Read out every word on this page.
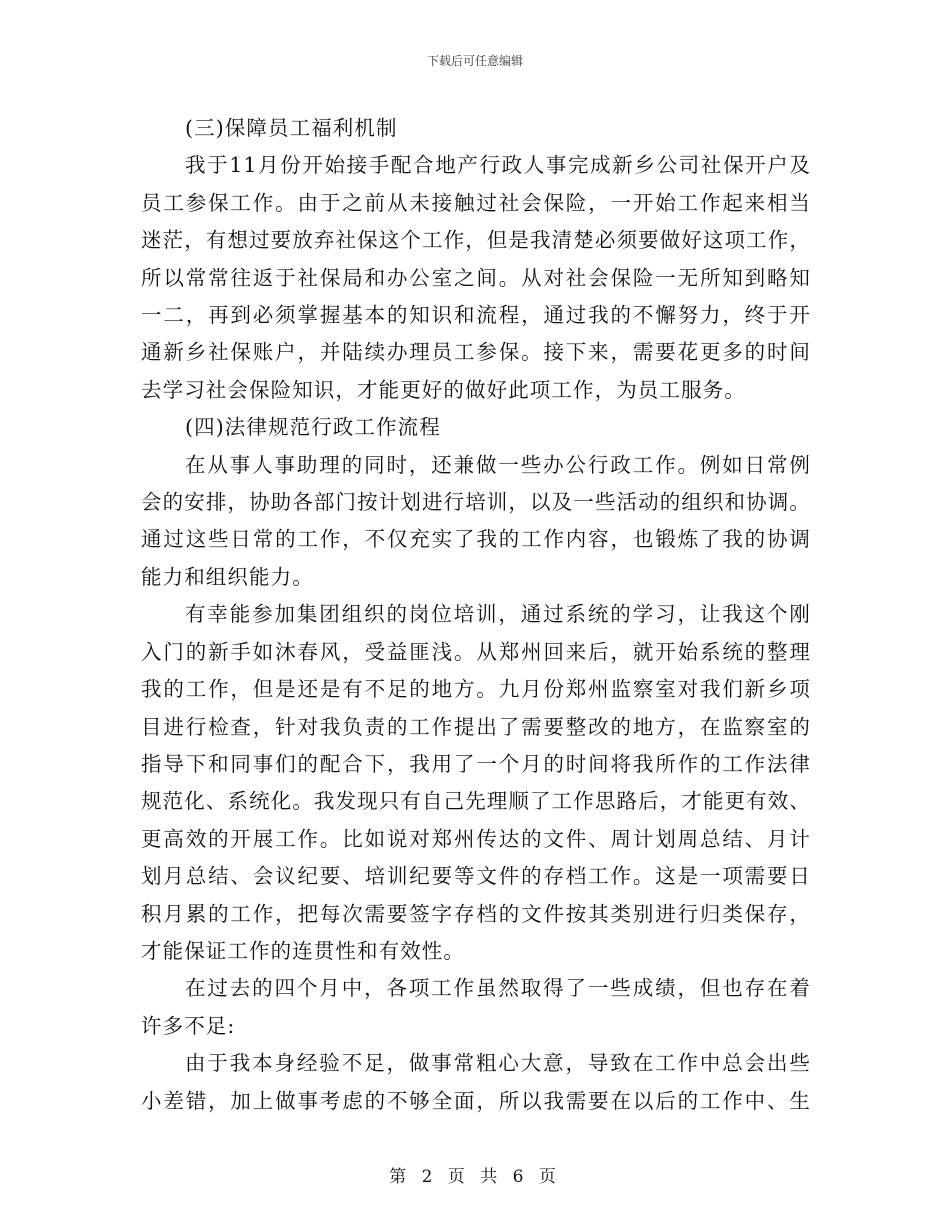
下载后可任意编辑

(三)保障员工福利机制

我于11月份开始接手配合地产行政人事完成新乡公司社保开户及

员工参保工作。由于之前从未接触过社会保险，一开始工作起来相当

迷茫，有想过要放弃社保这个工作，但是我清楚必须要做好这项工作，

所以常常往返于社保局和办公室之间。从对社会保险一无所知到略知

一二，再到必须掌握基本的知识和流程，通过我的不懈努力，终于开

通新乡社保账户，并陆续办理员工参保。接下来，需要花更多的时间

去学习社会保险知识，才能更好的做好此项工作，为员工服务。

(四)法律规范行政工作流程

在从事人事助理的同时，还兼做一些办公行政工作。例如日常例

会的安排，协助各部门按计划进行培训，以及一些活动的组织和协调。

通过这些日常的工作，不仅充实了我的工作内容，也锻炼了我的协调

能力和组织能力。

有幸能参加集团组织的岗位培训，通过系统的学习，让我这个刚

入门的新手如沐春风，受益匪浅。从郑州回来后，就开始系统的整理

我的工作，但是还是有不足的地方。九月份郑州监察室对我们新乡项

目进行检查，针对我负责的工作提出了需要整改的地方，在监察室的

指导下和同事们的配合下，我用了一个月的时间将我所作的工作法律

规范化、系统化。我发现只有自己先理顺了工作思路后，才能更有效、

更高效的开展工作。比如说对郑州传达的文件、周计划周总结、月计

划月总结、会议纪要、培训纪要等文件的存档工作。这是一项需要日

积月累的工作，把每次需要签字存档的文件按其类别进行归类保存，

才能保证工作的连贯性和有效性。

在过去的四个月中，各项工作虽然取得了一些成绩，但也存在着

许多不足:

由于我本身经验不足，做事常粗心大意，导致在工作中总会出些

小差错，加上做事考虑的不够全面，所以我需要在以后的工作中、生

第 2 页 共 6 页
